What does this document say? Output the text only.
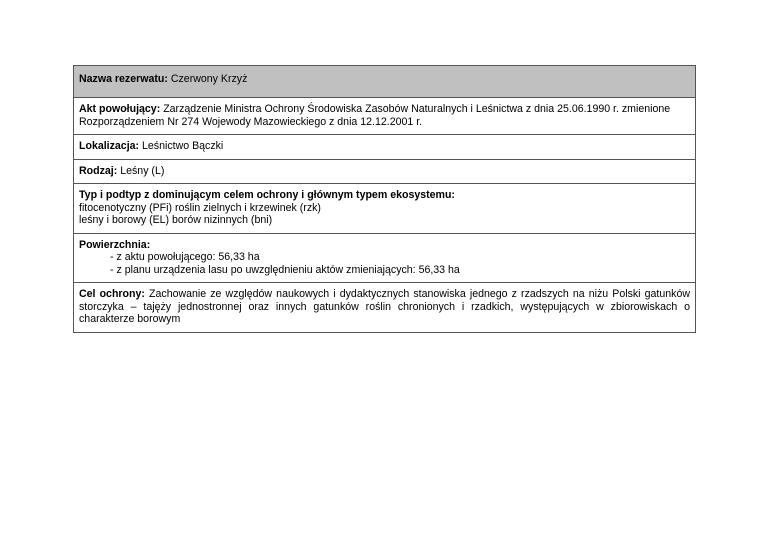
Nazwa rezerwatu: Czerwony Krzyż
Akt powołujący: Zarządzenie Ministra Ochrony Środowiska Zasobów Naturalnych i Leśnictwa z dnia 25.06.1990 r. zmienione Rozporządzeniem Nr 274 Wojewody Mazowieckiego z dnia 12.12.2001 r.
Lokalizacja: Leśnictwo Bączki
Rodzaj: Leśny (L)
Typ i podtyp z dominującym celem ochrony i głównym typem ekosystemu:
fitocenotyczny (PFi) roślin zielnych i krzewinek (rzk)
leśny i borowy (EL) borów nizinnych (bni)
Powierzchnia:
- z aktu powołującego: 56,33 ha
- z planu urządzenia lasu po uwzględnieniu aktów zmieniających: 56,33 ha
Cel ochrony: Zachowanie ze względów naukowych i dydaktycznych stanowiska jednego z rzadszych na niżu Polski gatunków storczyka – tajęży jednostronnej oraz innych gatunków roślin chronionych i rzadkich, występujących w zbiorowiskach o charakterze borowym
